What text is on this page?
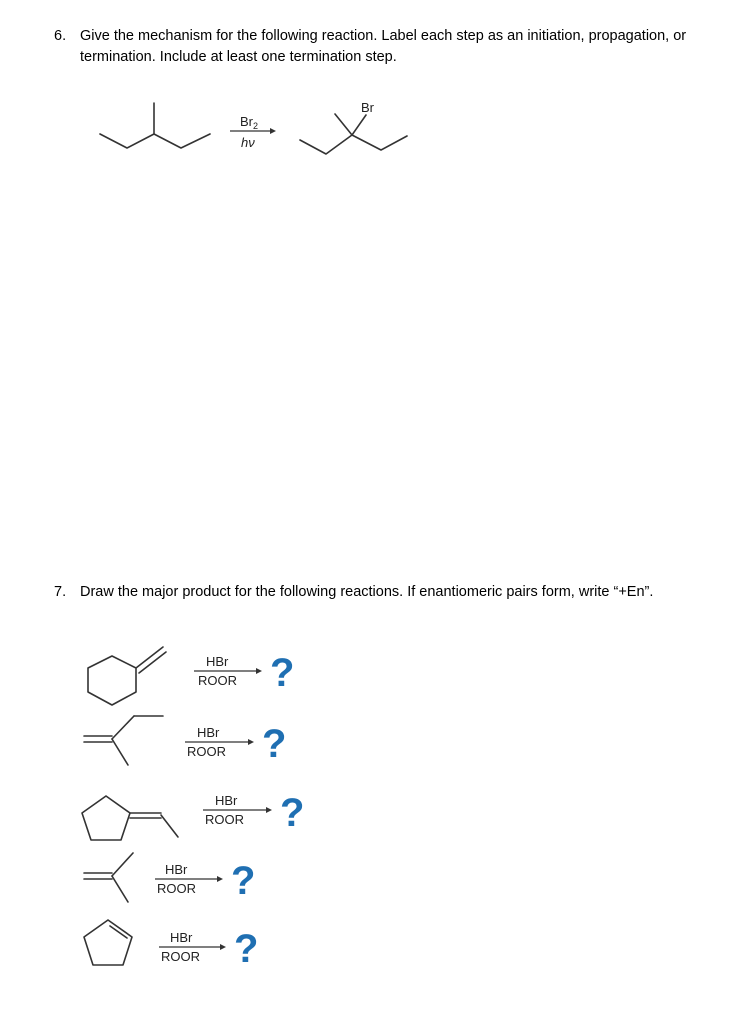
6. Give the mechanism for the following reaction. Label each step as an initiation, propagation, or
termination. Include at least one termination step.
7. Draw the major product for the following reactions. If enantiomeric pairs form, write “+En”.
$Br_2$
hν
Br
HBr
ROOR ?
HBr
ROOR ?
HBr
ROOR ?
HBr
ROOR ?
HBr
ROOR ?
